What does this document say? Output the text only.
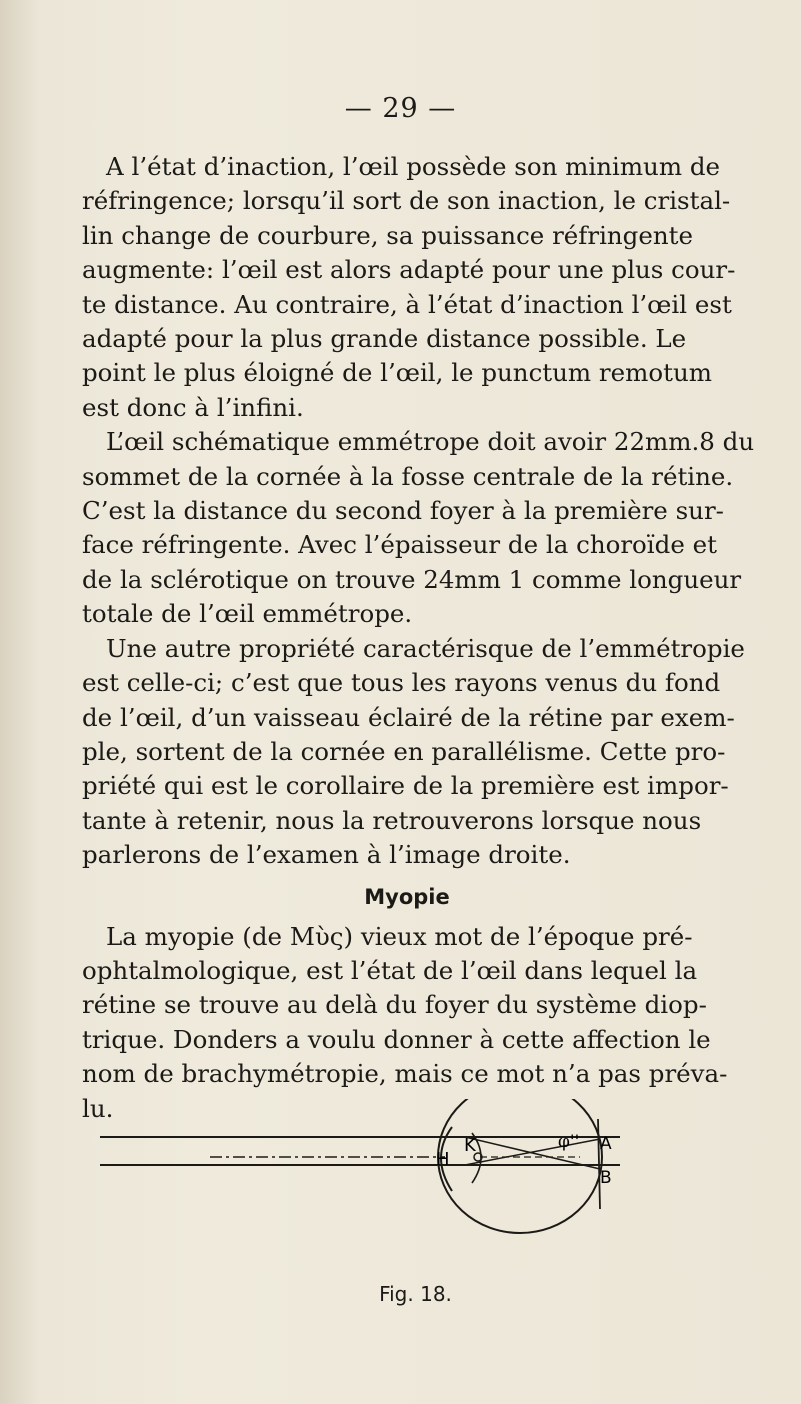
— 29 —
A l’état d’inaction, l’œil possède son minimum de
réfringence; lorsqu’il sort de son inaction, le cristal-
lin change de courbure, sa puissance réfringente
augmente: l’œil est alors adapté pour une plus cour-
te distance. Au contraire, à l’état d’inaction l’œil est
adapté pour la plus grande distance possible. Le
point le plus éloigné de l’œil, le punctum remotum
est donc à l’infini.
L’œil schématique emmétrope doit avoir 22mm.8 du
sommet de la cornée à la fosse centrale de la rétine.
C’est la distance du second foyer à la première sur-
face réfringente. Avec l’épaisseur de la choroïde et
de la sclérotique on trouve 24mm 1 comme longueur
totale de l’œil emmétrope.
Une autre propriété caractérisque de l’emmétropie
est celle-ci; c’est que tous les rayons venus du fond
de l’œil, d’un vaisseau éclairé de la rétine par exem-
ple, sortent de la cornée en parallélisme. Cette pro-
priété qui est le corollaire de la première est impor-
tante à retenir, nous la retrouverons lorsque nous
parlerons de l’examen à l’image droite.
Myopie
La myopie (de Μὺς) vieux mot de l’époque pré-
ophtalmologique, est l’état de l’œil dans lequel la
rétine se trouve au delà du foyer du système diop-
trique. Donders a voulu donner à cette affection le
nom de brachymétropie, mais ce mot n’a pas préva-
lu.
H
K	φ'' A
B
Fig. 18.
